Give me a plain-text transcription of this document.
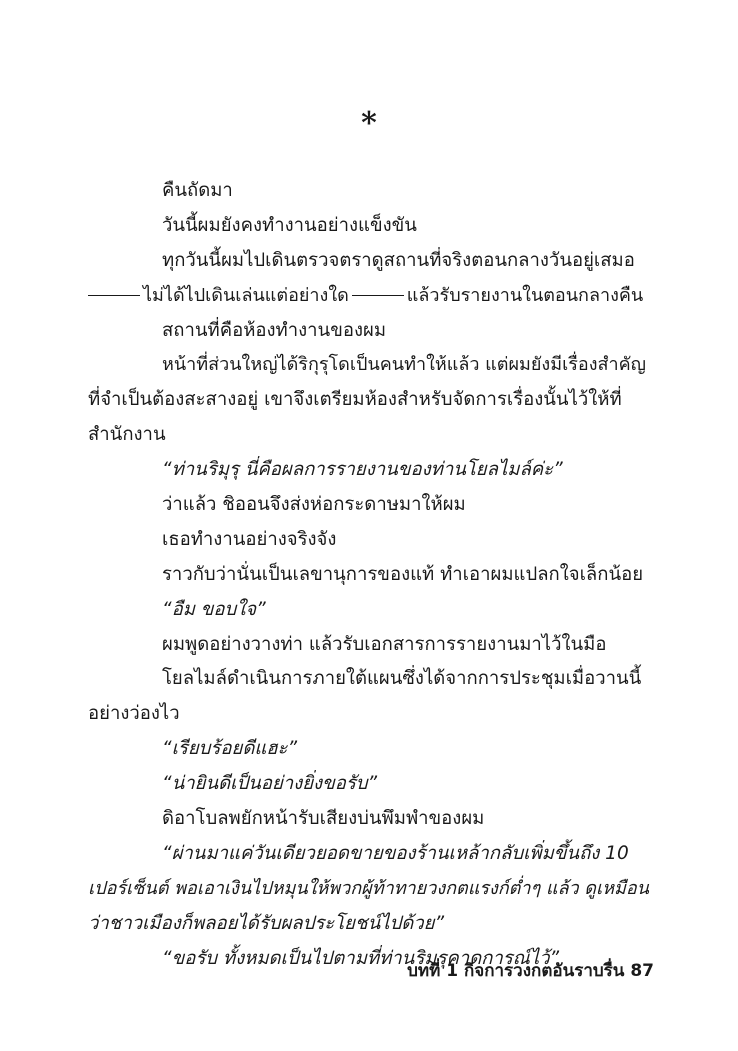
*
คืนถัดมา
วันนี้ผมยังคงทำงานอย่างแข็งขัน
ทุกวันนี้ผมไปเดินตรวจตราดูสถานที่จริงตอนกลางวันอยู่เสมอ
ไม่ได้ไปเดินเล่นแต่อย่างใด	แล้วรับรายงานในตอนกลางคืน
สถานที่คือห้องทำงานของผม
หน้าที่ส่วนใหญ่ได้ริกุรุโดเป็นคนทำให้แล้ว แต่ผมยังมีเรื่องสำคัญ
ที่จำเป็นต้องสะสางอยู่ เขาจึงเตรียมห้องสำหรับจัดการเรื่องนั้นไว้ให้ที่
สำนักงาน
“ท่านริมุรุ นี่คือผลการรายงานของท่านโยลไมล์ค่ะ”
ว่าแล้ว ชิออนจึงส่งห่อกระดาษมาให้ผม
เธอทำงานอย่างจริงจัง
ราวกับว่านั่นเป็นเลขานุการของแท้ ทำเอาผมแปลกใจเล็กน้อย
“อืม ขอบใจ”
ผมพูดอย่างวางท่า แล้วรับเอกสารการรายงานมาไว้ในมือ
โยลไมล์ดำเนินการภายใต้แผนซึ่งได้จากการประชุมเมื่อวานนี้
อย่างว่องไว
“เรียบร้อยดีแฮะ”
“น่ายินดีเป็นอย่างยิ่งขอรับ”
ดิอาโบลพยักหน้ารับเสียงบ่นพึมพำของผม
“ผ่านมาแค่วันเดียวยอดขายของร้านเหล้ากลับเพิ่มขึ้นถึง 10
เปอร์เซ็นต์ พอเอาเงินไปหมุนให้พวกผู้ท้าทายวงกตแรงก์ต่ำๆ แล้ว ดูเหมือน
ว่าชาวเมืองก็พลอยได้รับผลประโยชน์ไปด้วย”
“ขอรับ ทั้งหมดเป็นไปตามที่ท่านริมุรุคาดการณ์ไว้”
บทที่ 1 กิจการวงกตอันราบรื่น 87
